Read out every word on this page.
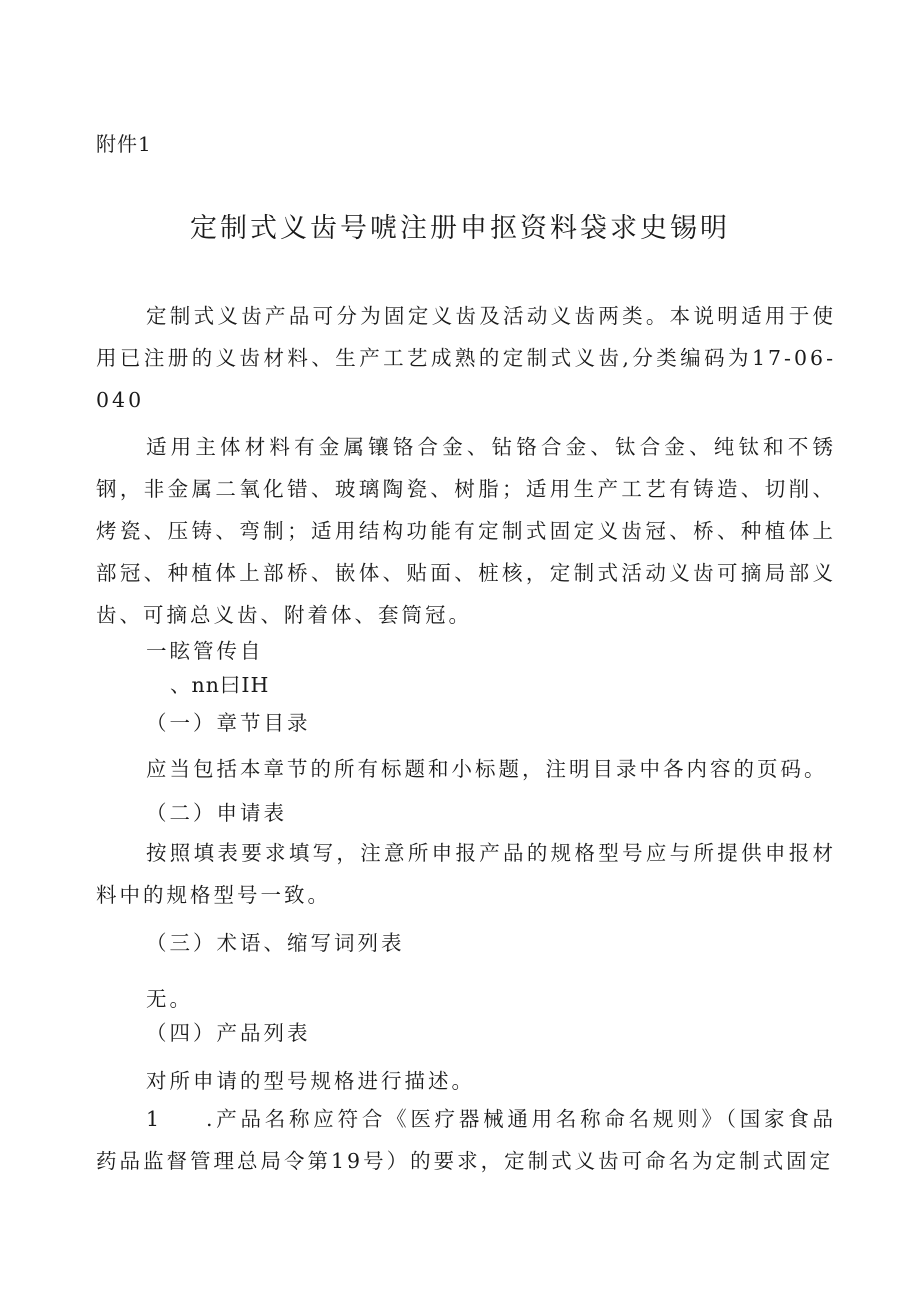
附件1
定制式义齿号唬注册申抠资料袋求史锡明

定制式义齿产品可分为固定义齿及活动义齿两类。本说明适用于使用已注册的义齿材料、生产工艺成熟的定制式义齿,分类编码为17-06-040

适用主体材料有金属镶铬合金、钻铬合金、钛合金、纯钛和不锈钢，非金属二氧化错、玻璃陶瓷、树脂；适用生产工艺有铸造、切削、烤瓷、压铸、弯制；适用结构功能有定制式固定义齿冠、桥、种植体上部冠、种植体上部桥、嵌体、贴面、桩核，定制式活动义齿可摘局部义齿、可摘总义齿、附着体、套筒冠。

一眩管传自
、nn曰IH
（一）章节目录
应当包括本章节的所有标题和小标题，注明目录中各内容的页码。
（二）申请表

按照填表要求填写，注意所申报产品的规格型号应与所提供申报材料中的规格型号一致。

（三）术语、缩写词列表
无。
（四）产品列表
对所申请的型号规格进行描述。

1 .产品名称应符合《医疗器械通用名称命名规则》（国家食品药品监督管理总局令第19号）的要求，定制式义齿可命名为定制式固定
